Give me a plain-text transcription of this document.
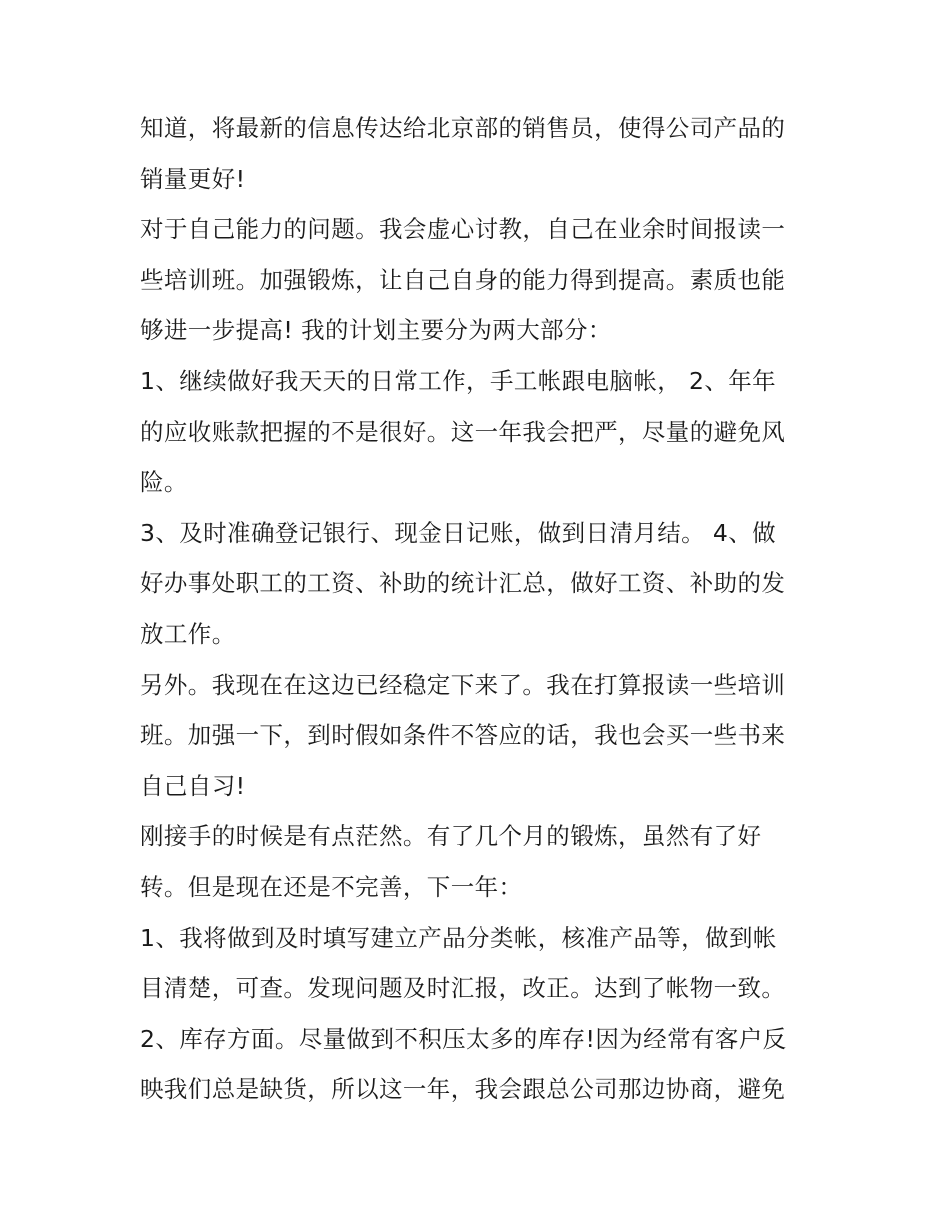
知道，将最新的信息传达给北京部的销售员，使得公司产品的
销量更好!
对于自己能力的问题。我会虚心讨教，自己在业余时间报读一
些培训班。加强锻炼，让自己自身的能力得到提高。素质也能
够进一步提高! 我的计划主要分为两大部分：
1、继续做好我天天的日常工作，手工帐跟电脑帐， 2、年年
的应收账款把握的不是很好。这一年我会把严，尽量的避免风
险。
3、及时准确登记银行、现金日记账，做到日清月结。 4、做
好办事处职工的工资、补助的统计汇总，做好工资、补助的发
放工作。
另外。我现在在这边已经稳定下来了。我在打算报读一些培训
班。加强一下，到时假如条件不答应的话，我也会买一些书来
自己自习!
刚接手的时候是有点茫然。有了几个月的锻炼，虽然有了好
转。但是现在还是不完善，下一年：
1、我将做到及时填写建立产品分类帐，核准产品等，做到帐
目清楚，可查。发现问题及时汇报，改正。达到了帐物一致。
2、库存方面。尽量做到不积压太多的库存!因为经常有客户反
映我们总是缺货，所以这一年，我会跟总公司那边协商，避免
